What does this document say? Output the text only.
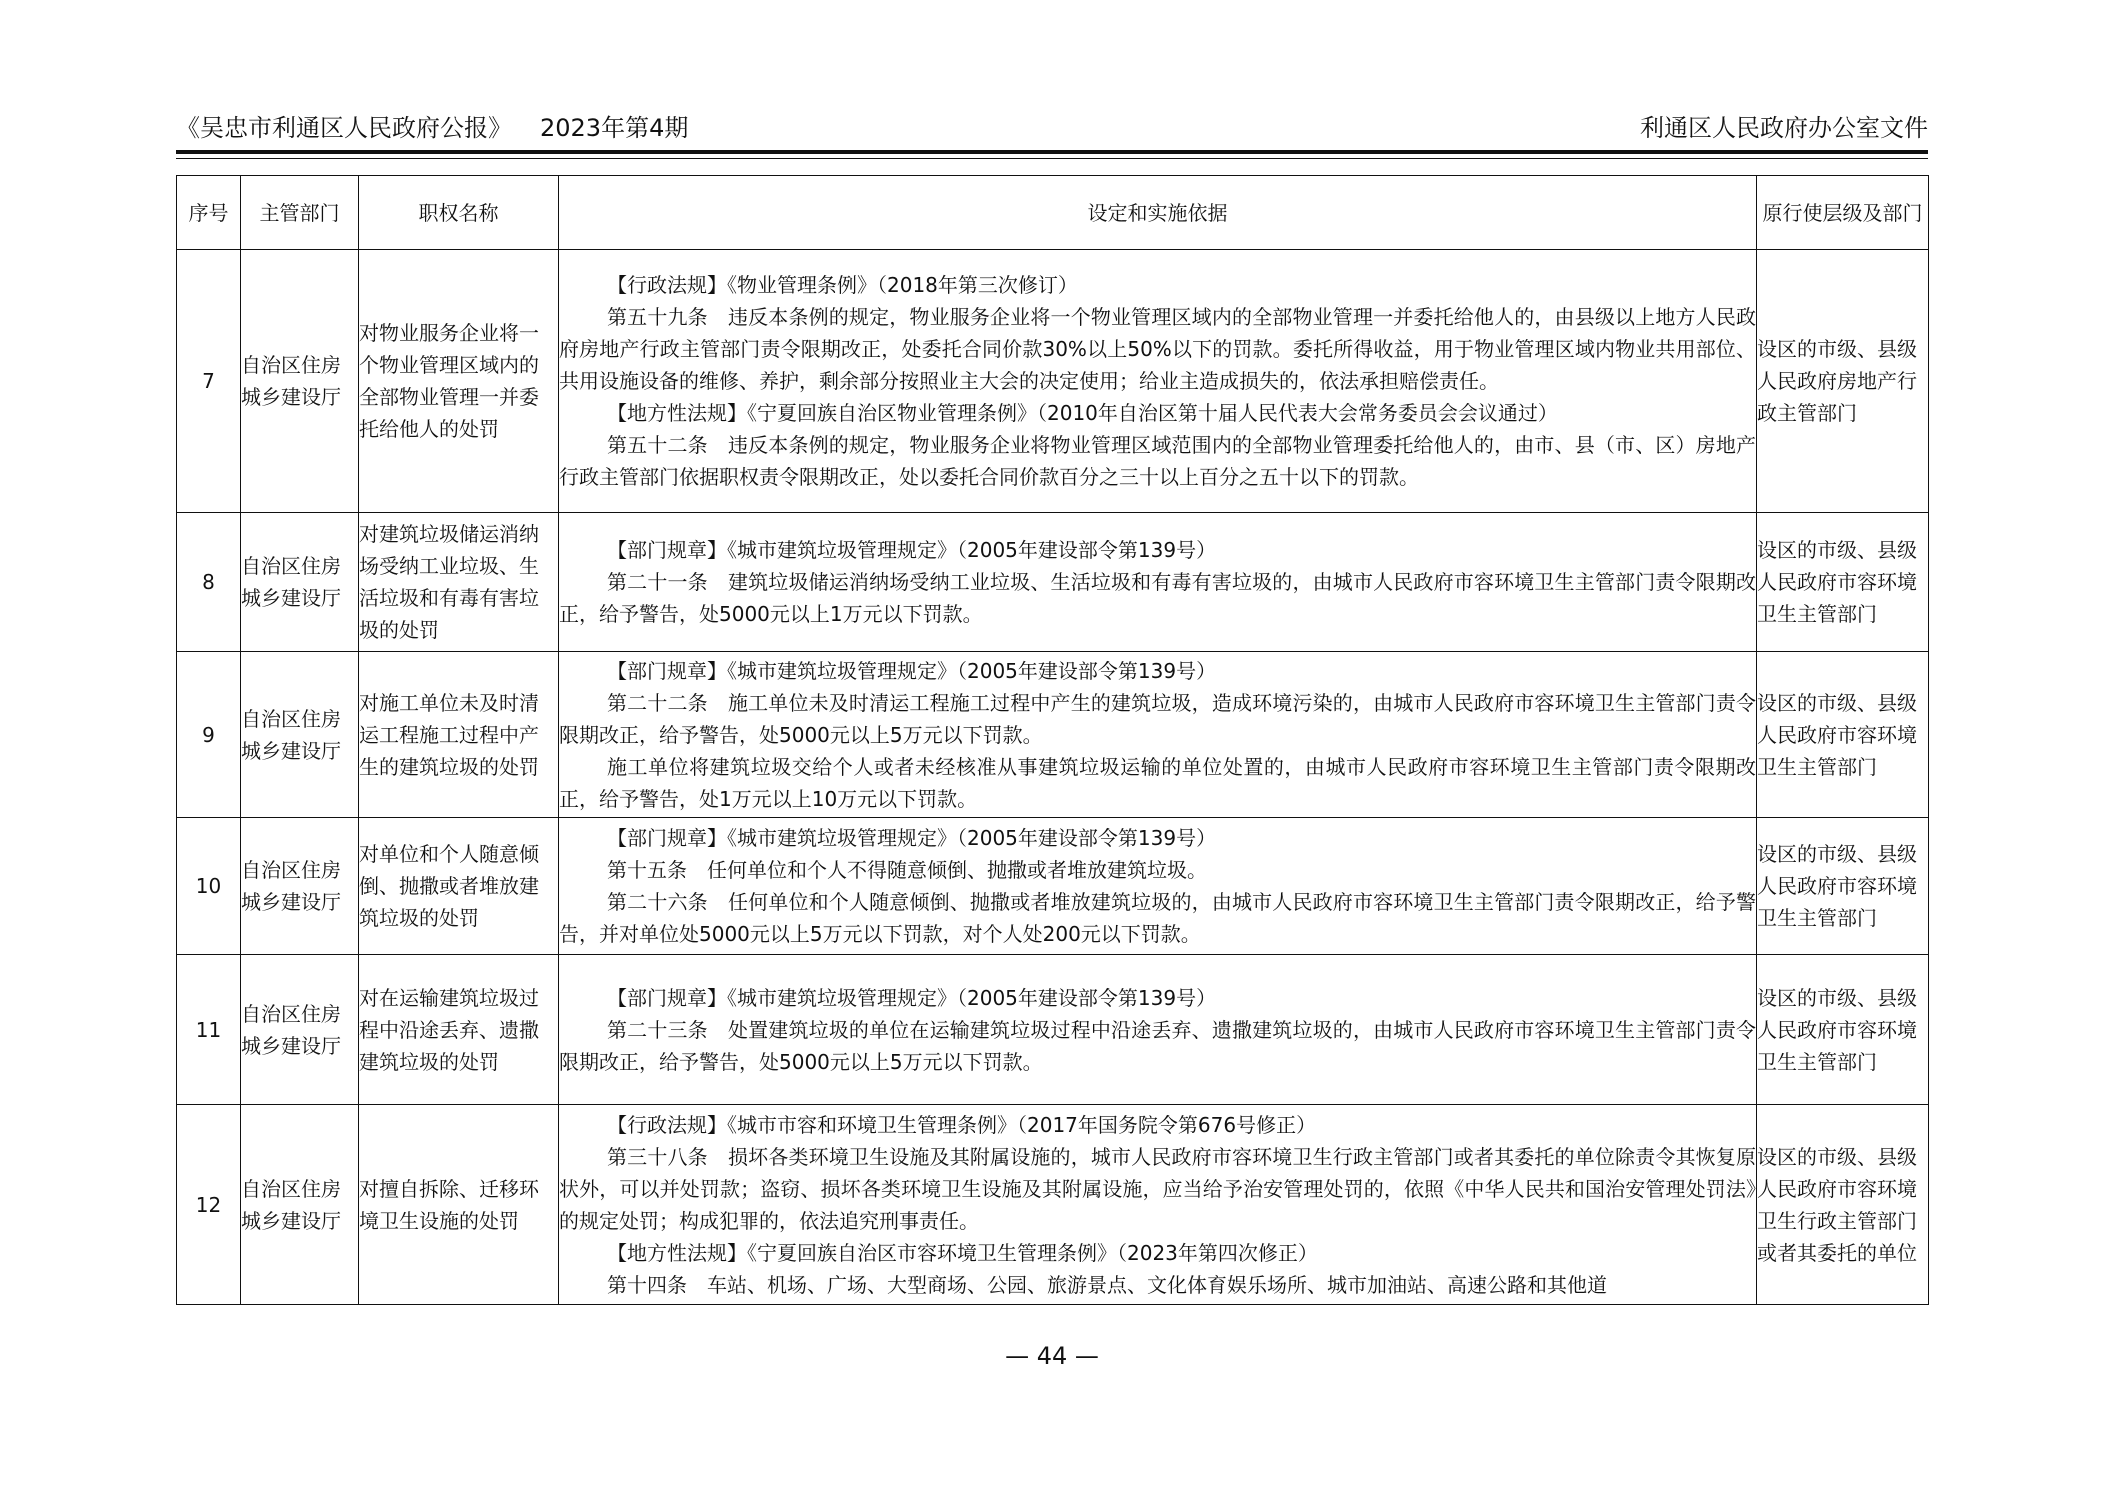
《吴忠市利通区人民政府公报》 2023年第4期	利通区人民政府办公室文件
序号	主管部门	职权名称	设定和实施依据	原行使层级及部门
7	自治区住房城乡建设厅	对物业服务企业将一个物业管理区域内的全部物业管理一并委托给他人的处罚	【行政法规】《物业管理条例》（2018年第三次修订）

第五十九条　违反本条例的规定，物业服务企业将一个物业管理区域内的全部物业管理一并委托给他人的，由县级以上地方人民政府房地产行政主管部门责令限期改正，处委托合同价款30%以上50%以下的罚款。委托所得收益，用于物业管理区域内物业共用部位、共用设施设备的维修、养护，剩余部分按照业主大会的决定使用；给业主造成损失的，依法承担赔偿责任。

【地方性法规】《宁夏回族自治区物业管理条例》（2010年自治区第十届人民代表大会常务委员会会议通过）

第五十二条　违反本条例的规定，物业服务企业将物业管理区域范围内的全部物业管理委托给他人的，由市、县（市、区）房地产行政主管部门依据职权责令限期改正，处以委托合同价款百分之三十以上百分之五十以下的罚款。	设区的市级、县级人民政府房地产行政主管部门
8	自治区住房城乡建设厅	对建筑垃圾储运消纳场受纳工业垃圾、生活垃圾和有毒有害垃圾的处罚	【部门规章】《城市建筑垃圾管理规定》（2005年建设部令第139号）

第二十一条　建筑垃圾储运消纳场受纳工业垃圾、生活垃圾和有毒有害垃圾的，由城市人民政府市容环境卫生主管部门责令限期改正，给予警告，处5000元以上1万元以下罚款。	设区的市级、县级人民政府市容环境卫生主管部门
9	自治区住房城乡建设厅	对施工单位未及时清运工程施工过程中产生的建筑垃圾的处罚	【部门规章】《城市建筑垃圾管理规定》（2005年建设部令第139号）

第二十二条　施工单位未及时清运工程施工过程中产生的建筑垃圾，造成环境污染的，由城市人民政府市容环境卫生主管部门责令限期改正，给予警告，处5000元以上5万元以下罚款。

施工单位将建筑垃圾交给个人或者未经核准从事建筑垃圾运输的单位处置的，由城市人民政府市容环境卫生主管部门责令限期改正，给予警告，处1万元以上10万元以下罚款。	设区的市级、县级人民政府市容环境卫生主管部门
10	自治区住房城乡建设厅	对单位和个人随意倾倒、抛撒或者堆放建筑垃圾的处罚	【部门规章】《城市建筑垃圾管理规定》（2005年建设部令第139号）

第十五条　任何单位和个人不得随意倾倒、抛撒或者堆放建筑垃圾。

第二十六条　任何单位和个人随意倾倒、抛撒或者堆放建筑垃圾的，由城市人民政府市容环境卫生主管部门责令限期改正，给予警告，并对单位处5000元以上5万元以下罚款，对个人处200元以下罚款。	设区的市级、县级人民政府市容环境卫生主管部门
11	自治区住房城乡建设厅	对在运输建筑垃圾过程中沿途丢弃、遗撒建筑垃圾的处罚	【部门规章】《城市建筑垃圾管理规定》（2005年建设部令第139号）

第二十三条　处置建筑垃圾的单位在运输建筑垃圾过程中沿途丢弃、遗撒建筑垃圾的，由城市人民政府市容环境卫生主管部门责令限期改正，给予警告，处5000元以上5万元以下罚款。	设区的市级、县级人民政府市容环境卫生主管部门
12	自治区住房城乡建设厅	对擅自拆除、迁移环境卫生设施的处罚	【行政法规】《城市市容和环境卫生管理条例》（2017年国务院令第676号修正）

第三十八条　损坏各类环境卫生设施及其附属设施的，城市人民政府市容环境卫生行政主管部门或者其委托的单位除责令其恢复原状外，可以并处罚款；盗窃、损坏各类环境卫生设施及其附属设施，应当给予治安管理处罚的，依照《中华人民共和国治安管理处罚法》的规定处罚；构成犯罪的，依法追究刑事责任。

【地方性法规】《宁夏回族自治区市容环境卫生管理条例》（2023年第四次修正）

第十四条　车站、机场、广场、大型商场、公园、旅游景点、文化体育娱乐场所、城市加油站、高速公路和其他道	设区的市级、县级人民政府市容环境卫生行政主管部门或者其委托的单位
— 44 —
